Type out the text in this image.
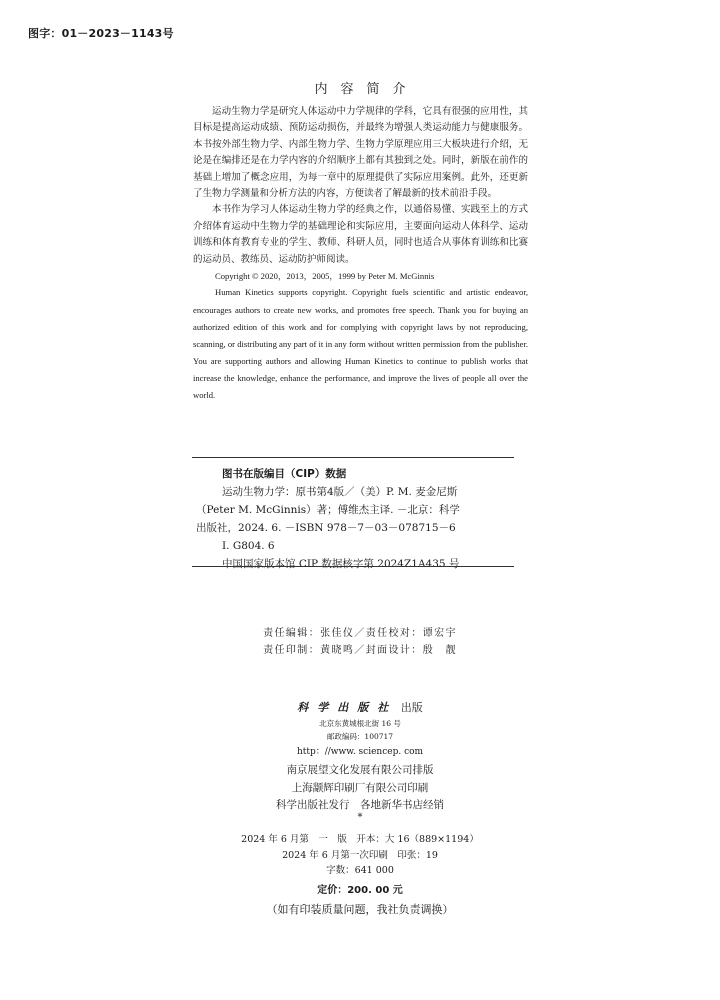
图字：01－2023－1143号
内容简介

运动生物力学是研究人体运动中力学规律的学科，它具有很强的应用性，其目标是提高运动成绩、预防运动损伤，并最终为增强人类运动能力与健康服务。本书按外部生物力学、内部生物力学、生物力学原理应用三大板块进行介绍，无论是在编排还是在力学内容的介绍顺序上都有其独到之处。同时，新版在前作的基础上增加了概念应用，为每一章中的原理提供了实际应用案例。此外，还更新了生物力学测量和分析方法的内容，方便读者了解最新的技术前沿手段。

本书作为学习人体运动生物力学的经典之作，以通俗易懂、实践至上的方式介绍体育运动中生物力学的基础理论和实际应用，主要面向运动人体科学、运动训练和体育教育专业的学生、教师、科研人员，同时也适合从事体育训练和比赛的运动员、教练员、运动防护师阅读。

Copyright © 2020，2013，2005，1999 by Peter M. McGinnis

Human Kinetics supports copyright. Copyright fuels scientific and artistic endeavor, encourages authors to create new works, and promotes free speech. Thank you for buying an authorized edition of this work and for complying with copyright laws by not reproducing, scanning, or distributing any part of it in any form without written permission from the publisher. You are supporting authors and allowing Human Kinetics to continue to publish works that increase the knowledge, enhance the performance, and improve the lives of people all over the world.

图书在版编目（CIP）数据
运动生物力学：原书第4版／（美）P. M. 麦金尼斯
（Peter M. McGinnis）著；傅维杰主译. －北京：科学
出版社，2024. 6. －ISBN 978－7－03－078715－6
Ⅰ. G804. 6
中国国家版本馆 CIP 数据核字第 2024Z1A435 号
责任编辑：张佳仪／责任校对：谭宏宇
责任印制：黄晓鸣／封面设计：殷　靓
科学出版社 出版
北京东黄城根北街 16 号
邮政编码：100717
http：//www. sciencep. com
南京展望文化发展有限公司排版
上海颛辉印刷厂有限公司印刷
科学出版社发行　各地新华书店经销
*
2024 年 6 月第　一　版　开本：大 16（889×1194）
2024 年 6 月第一次印刷　印张：19
字数：641 000
定价：200. 00 元
（如有印装质量问题，我社负责调换）
